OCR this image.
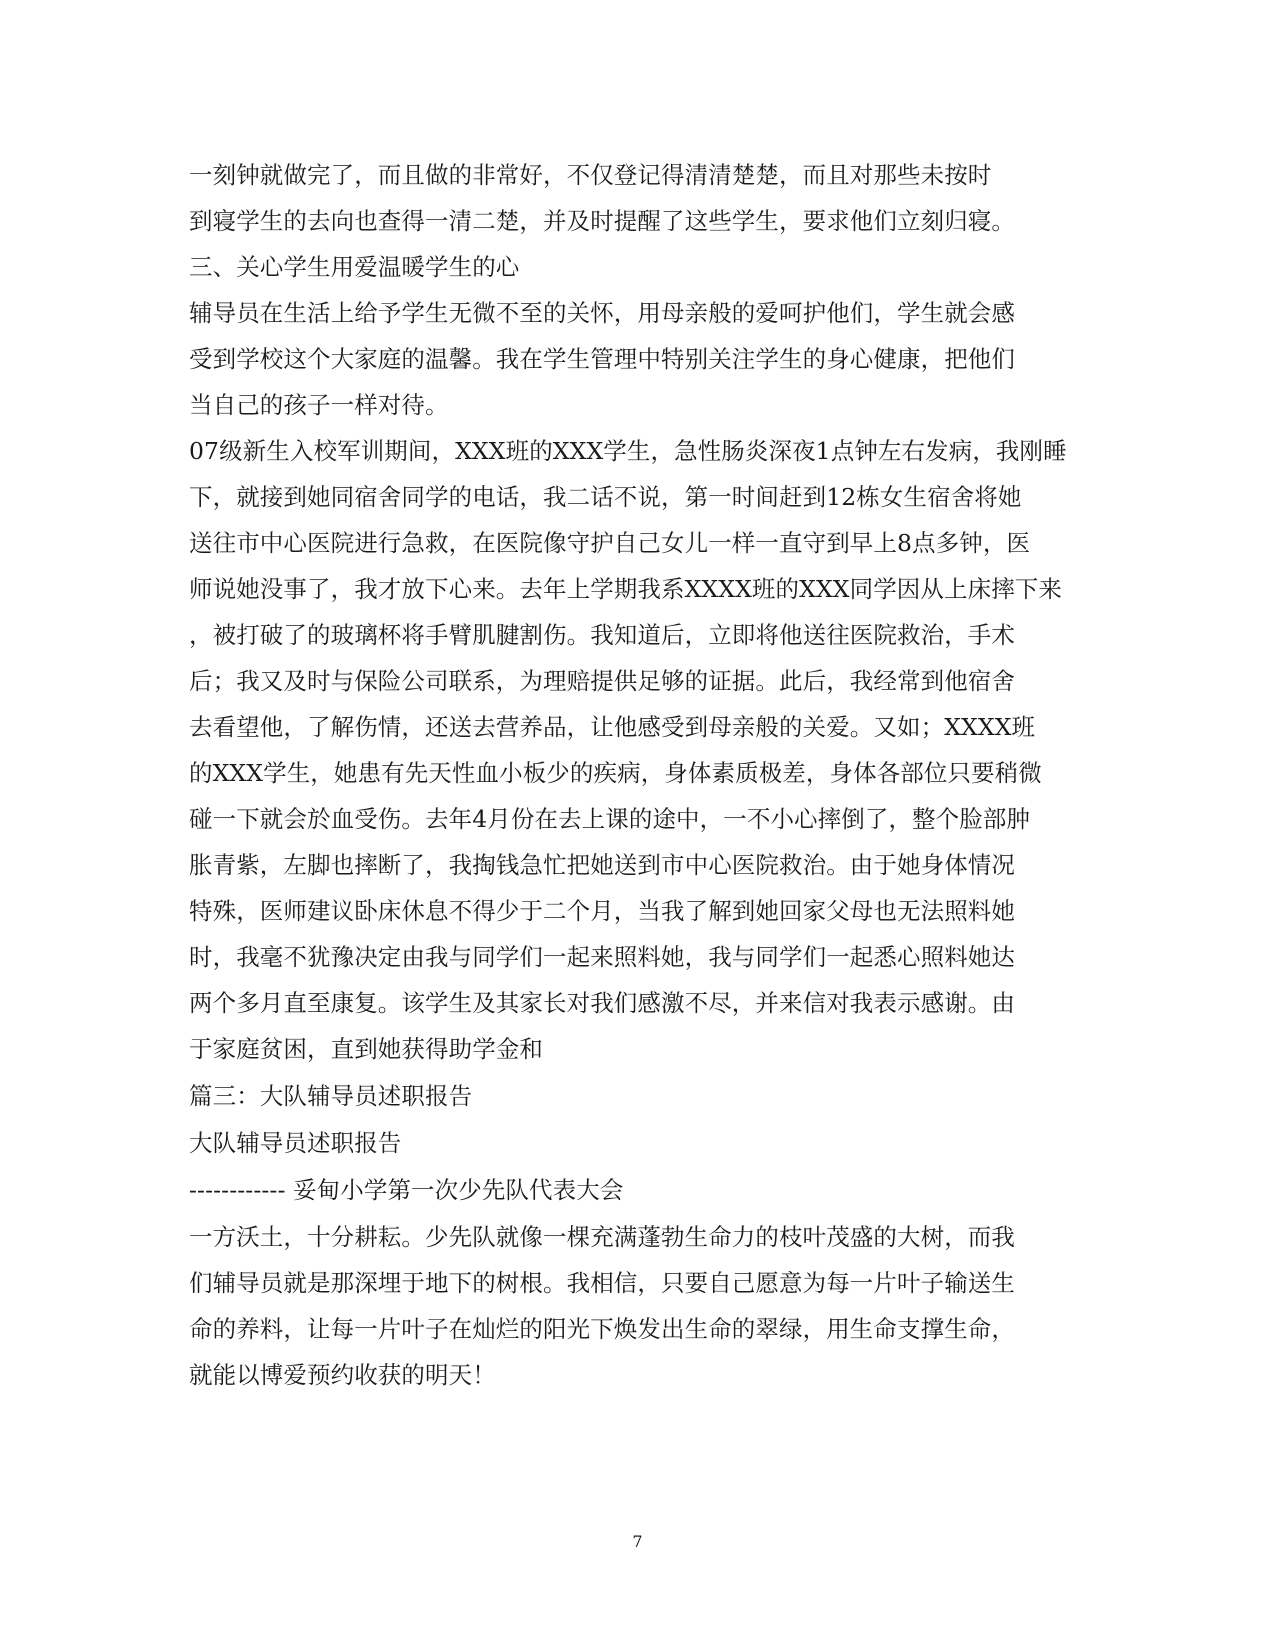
一刻钟就做完了，而且做的非常好，不仅登记得清清楚楚，而且对那些未按时
到寝学生的去向也查得一清二楚，并及时提醒了这些学生，要求他们立刻归寝。
三、关心学生用爱温暖学生的心
辅导员在生活上给予学生无微不至的关怀，用母亲般的爱呵护他们，学生就会感
受到学校这个大家庭的温馨。我在学生管理中特别关注学生的身心健康，把他们
当自己的孩子一样对待。
07级新生入校军训期间，XXX班的XXX学生，急性肠炎深夜1点钟左右发病，我刚睡
下，就接到她同宿舍同学的电话，我二话不说，第一时间赶到12栋女生宿舍将她
送往市中心医院进行急救，在医院像守护自己女儿一样一直守到早上8点多钟，医
师说她没事了，我才放下心来。去年上学期我系XXXX班的XXX同学因从上床摔下来
，被打破了的玻璃杯将手臂肌腱割伤。我知道后，立即将他送往医院救治，手术
后；我又及时与保险公司联系，为理赔提供足够的证据。此后，我经常到他宿舍
去看望他，了解伤情，还送去营养品，让他感受到母亲般的关爱。又如；XXXX班
的XXX学生，她患有先天性血小板少的疾病，身体素质极差，身体各部位只要稍微
碰一下就会於血受伤。去年4月份在去上课的途中，一不小心摔倒了，整个脸部肿
胀青紫，左脚也摔断了，我掏钱急忙把她送到市中心医院救治。由于她身体情况
特殊，医师建议卧床休息不得少于二个月，当我了解到她回家父母也无法照料她
时，我毫不犹豫决定由我与同学们一起来照料她，我与同学们一起悉心照料她达
两个多月直至康复。该学生及其家长对我们感激不尽，并来信对我表示感谢。由
于家庭贫困，直到她获得助学金和
篇三：大队辅导员述职报告
大队辅导员述职报告
------------ 妥甸小学第一次少先队代表大会
一方沃土，十分耕耘。少先队就像一棵充满蓬勃生命力的枝叶茂盛的大树，而我
们辅导员就是那深埋于地下的树根。我相信，只要自己愿意为每一片叶子输送生
命的养料，让每一片叶子在灿烂的阳光下焕发出生命的翠绿，用生命支撑生命，
就能以博爱预约收获的明天！
7
